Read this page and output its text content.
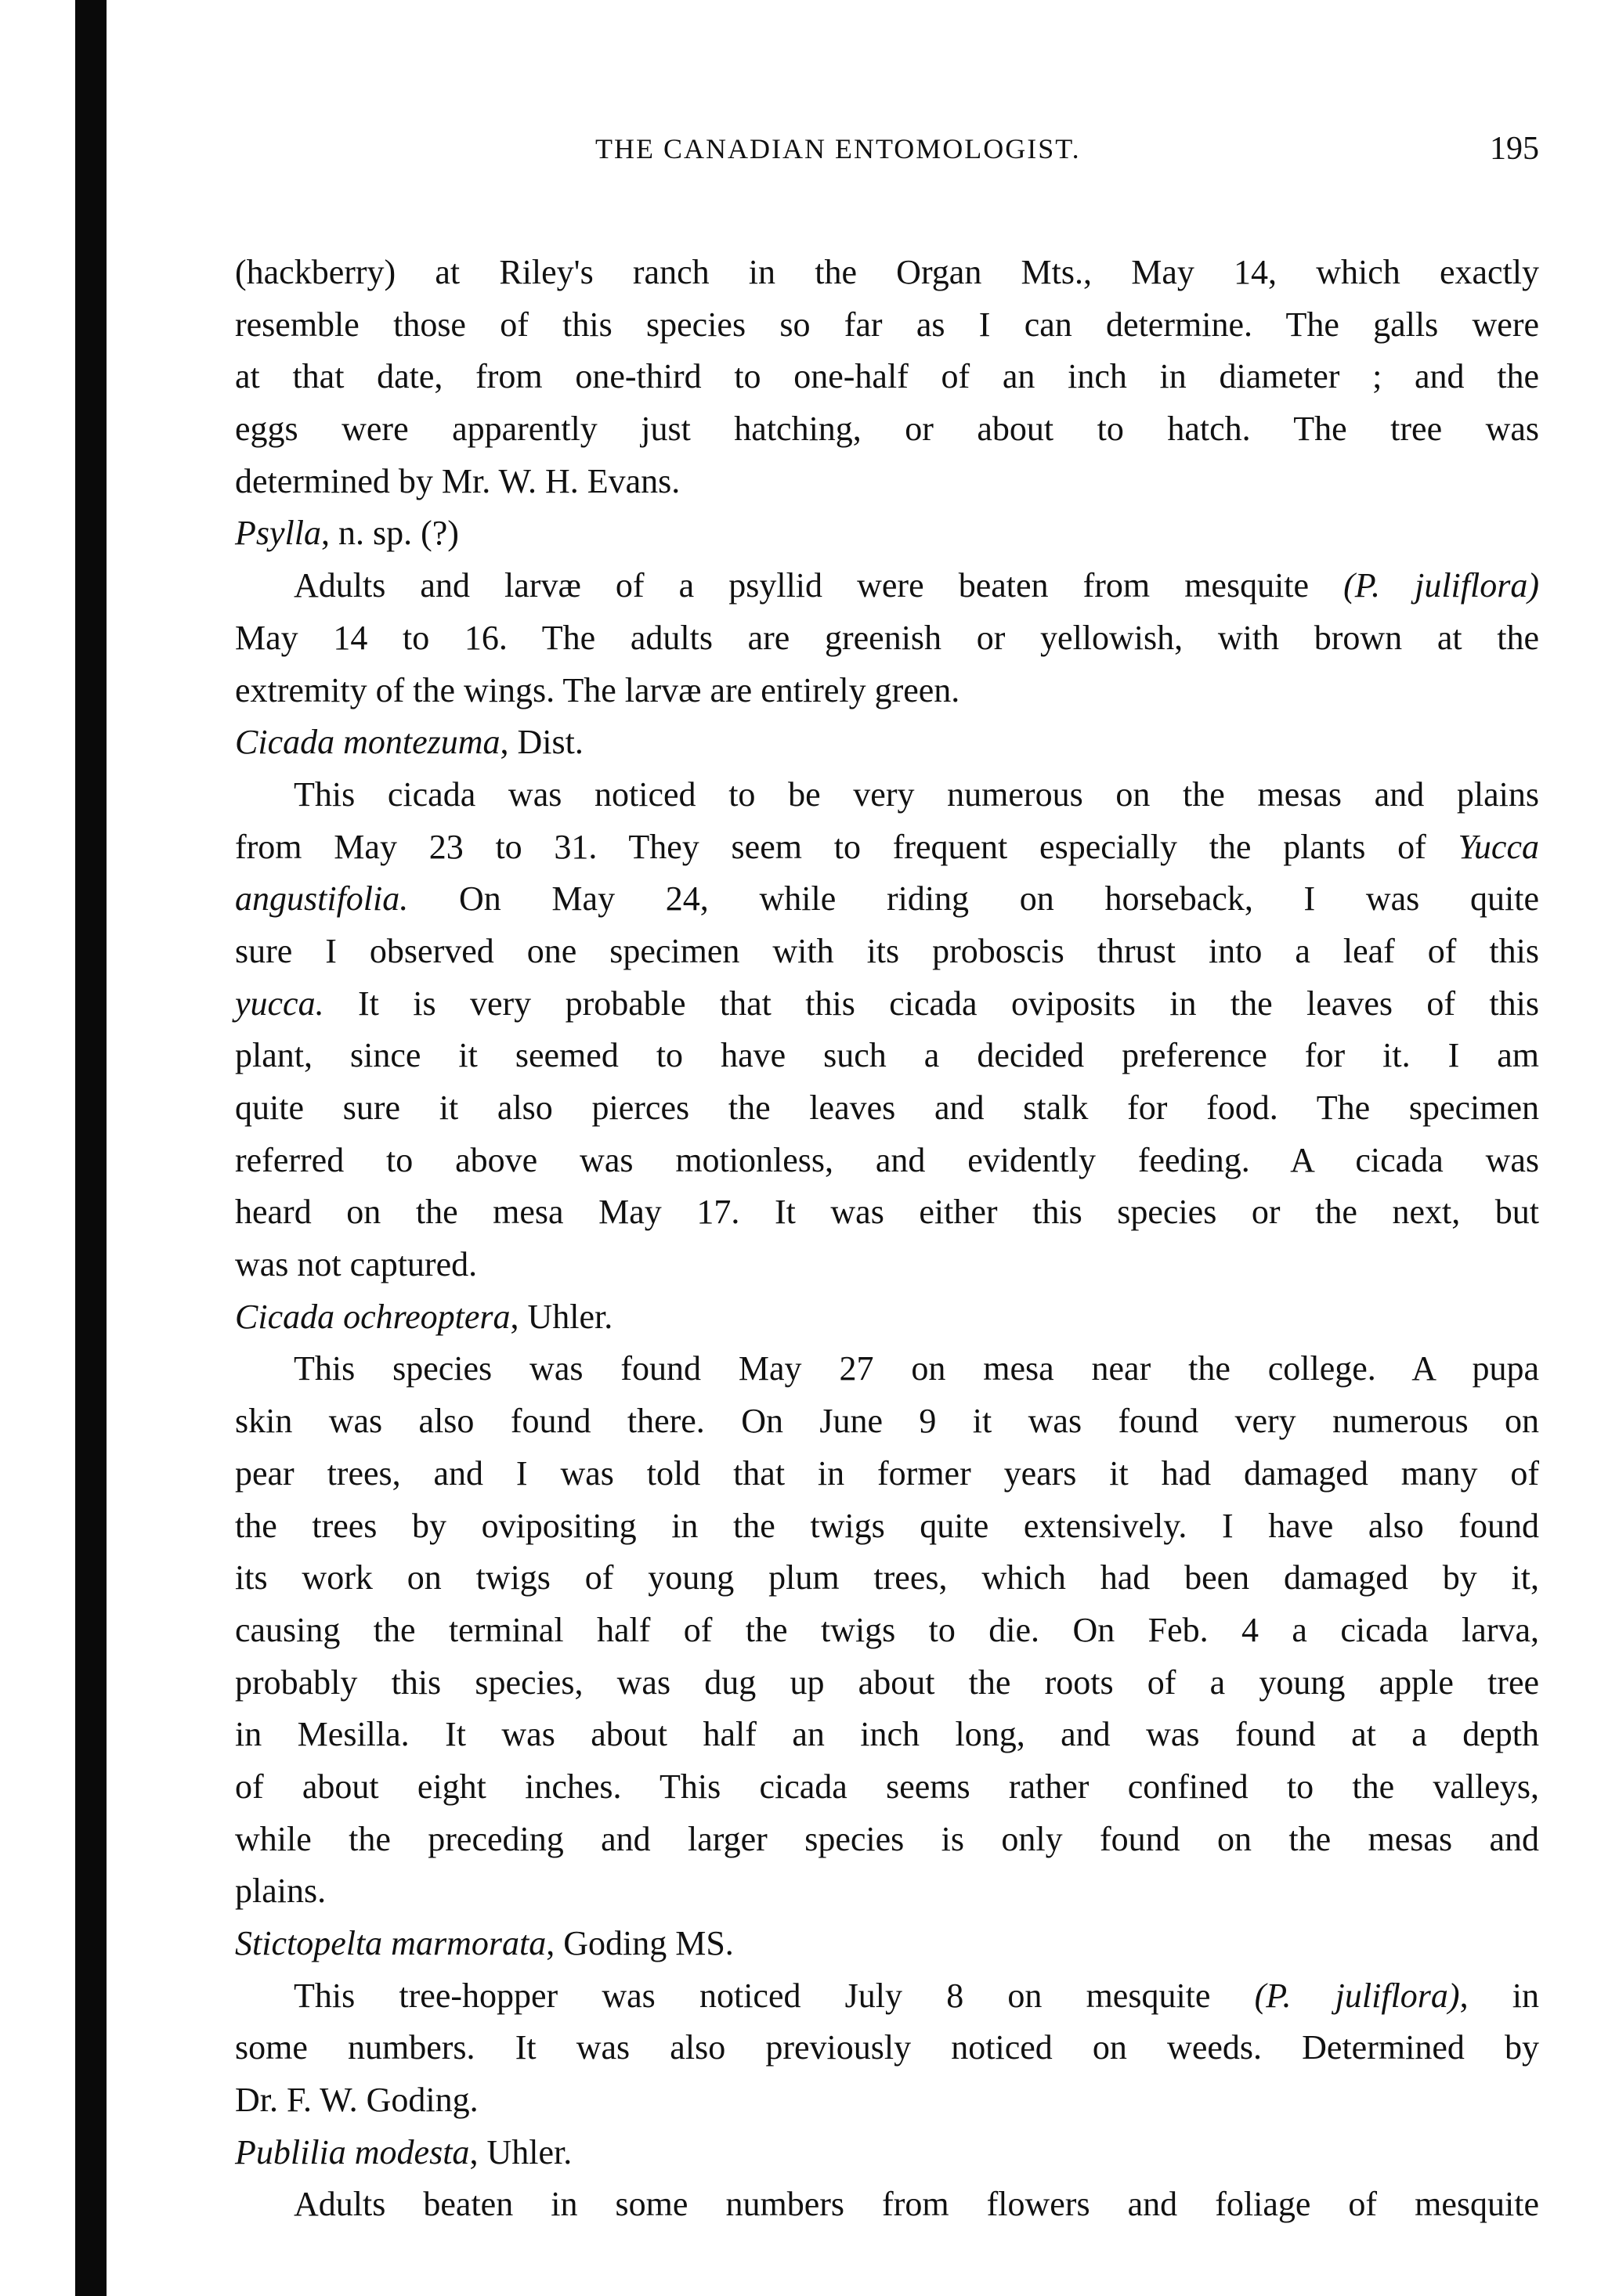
THE CANADIAN ENTOMOLOGIST.	195
(hackberry) at Riley's ranch in the Organ Mts., May 14, which exactly
resemble those of this species so far as I can determine. The galls were
at that date, from one-third to one-half of an inch in diameter ; and the
eggs were apparently just hatching, or about to hatch. The tree was
determined by Mr. W. H. Evans.
Psylla, n. sp. (?)
Adults and larvæ of a psyllid were beaten from mesquite (P. juliflora)
May 14 to 16. The adults are greenish or yellowish, with brown at the
extremity of the wings. The larvæ are entirely green.
Cicada montezuma, Dist.
This cicada was noticed to be very numerous on the mesas and plains
from May 23 to 31. They seem to frequent especially the plants of Yucca
angustifolia. On May 24, while riding on horseback, I was quite
sure I observed one specimen with its proboscis thrust into a leaf of this
yucca. It is very probable that this cicada oviposits in the leaves of this
plant, since it seemed to have such a decided preference for it. I am
quite sure it also pierces the leaves and stalk for food. The specimen
referred to above was motionless, and evidently feeding. A cicada was
heard on the mesa May 17. It was either this species or the next, but
was not captured.
Cicada ochreoptera, Uhler.
This species was found May 27 on mesa near the college. A pupa
skin was also found there. On June 9 it was found very numerous on
pear trees, and I was told that in former years it had damaged many of
the trees by ovipositing in the twigs quite extensively. I have also found
its work on twigs of young plum trees, which had been damaged by it,
causing the terminal half of the twigs to die. On Feb. 4 a cicada larva,
probably this species, was dug up about the roots of a young apple tree
in Mesilla. It was about half an inch long, and was found at a depth
of about eight inches. This cicada seems rather confined to the valleys,
while the preceding and larger species is only found on the mesas and
plains.
Stictopelta marmorata, Goding MS.
This tree-hopper was noticed July 8 on mesquite (P. juliflora), in
some numbers. It was also previously noticed on weeds. Determined by
Dr. F. W. Goding.
Publilia modesta, Uhler.
Adults beaten in some numbers from flowers and foliage of mesquite
